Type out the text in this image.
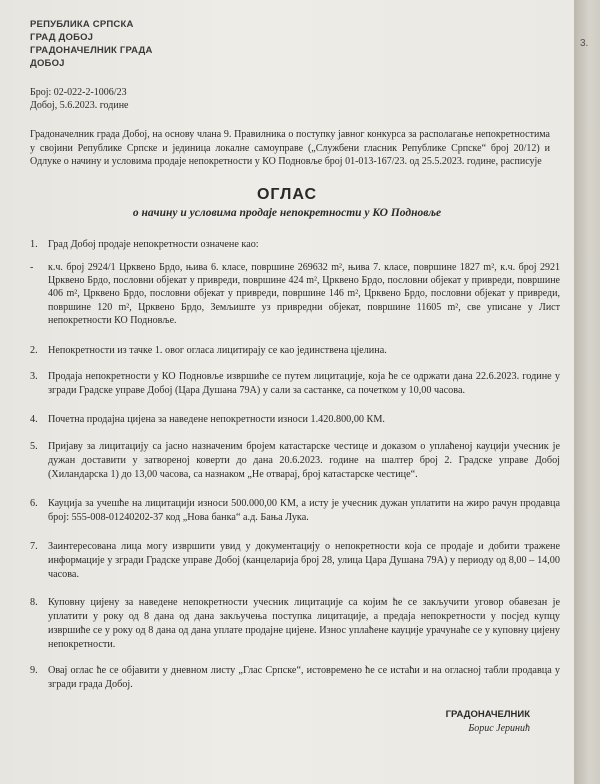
РЕПУБЛИКА СРПСКА
ГРАД ДОБОЈ
ГРАДОНАЧЕЛНИК ГРАДА
ДОБОЈ
Број: 02-022-2-1006/23
Добој, 5.6.2023. године
Градоначелник града Добој, на основу члана 9. Правилника о поступку јавног конкурса за располагање непокретностима у својини Републике Српске и јединица локалне самоуправе („Службени гласник Републике Српске“ број 20/12) и Одлуке о начину и условима продаје непокретности у КО Подновље број 01-013-167/23. од 25.5.2023. године, расписује
ОГЛАС
о начину и условима продаје непокретности у КО Подновље
1.	Град Добој продаје непокретности означене као:
- к.ч. број 2924/1 Црквено Брдо, њива 6. класе, површине 269632 m², њива 7. класе, површине 1827 m², к.ч. број 2921 Црквено Брдо, пословни објекат у привреди, површине 424 m², Црквено Брдо, пословни објекат у привреди, површине 406 m², Црквено Брдо, пословни објекат у привреди, површине 146 m², Црквено Брдо, пословни објекат у привреди, површине 120 m², Црквено Брдо, Земљиште уз привредни објекат, површине 11605 m², све уписане у Лист непокретности КО Подновље.
2.	Непокретности из тачке 1. овог огласа лицитирају се као јединствена цјелина.
3.	Продаја непокретности у КО Подновље извршиће се путем лицитације, која ће се одржати дана 22.6.2023. године у згради Градске управе Добој (Цара Душана 79А) у сали за састанке, са почетком у 10,00 часова.
4.	Почетна продајна цијена за наведене непокретности износи 1.420.800,00 КМ.
5.	Пријаву за лицитацију са јасно назначеним бројем катастарске честице и доказом о уплаћеној кауцији учесник је дужан доставити у затвореној коверти до дана 20.6.2023. године на шалтер број 2. Градске управе Добој (Хиландарска 1) до 13,00 часова, са назнаком „Не отварај, број катастарске честице“.
6.	Кауција за учешће на лицитацији износи 500.000,00 КМ, а исту је учесник дужан уплатити на жиро рачун продавца број: 555-008-01240202-37 код „Нова банка“ а.д. Бања Лука.
7.	Заинтересована лица могу извршити увид у документацију о непокретности која се продаје и добити тражене информације у згради Градске управе Добој (канцеларија број 28, улица Цара Душана 79А) у периоду од 8,00 – 14,00 часова.
8.	Куповну цијену за наведене непокретности учесник лицитације са којим ће се закључити уговор обавезан је уплатити у року од 8 дана од дана закључења поступка лицитације, а предаја непокретности у посјед купцу извршиће се у року од 8 дана од дана уплате продајне цијене. Износ уплаћене кауције урачунаће се у куповну цијену непокретности.
9.	Овај оглас ће се објавити у дневном листу „Глас Српске“, истовремено ће се истаћи и на огласној табли продавца у згради града Добој.
ГРАДОНАЧЕЛНИК
Борис Јеринић
3.
